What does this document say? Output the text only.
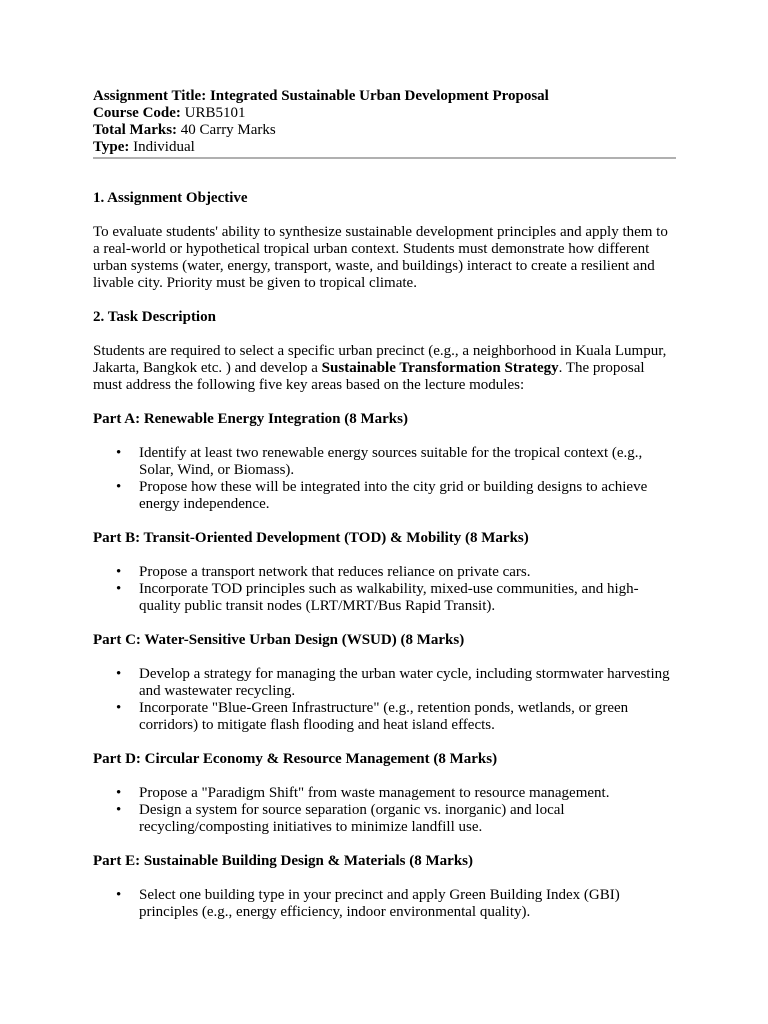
Assignment Title: Integrated Sustainable Urban Development Proposal

Course Code: URB5101

Total Marks: 40 Carry Marks

Type: Individual

1. Assignment Objective

To evaluate students' ability to synthesize sustainable development principles and apply them to a real-world or hypothetical tropical urban context. Students must demonstrate how different urban systems (water, energy, transport, waste, and buildings) interact to create a resilient and livable city. Priority must be given to tropical climate.

2. Task Description

Students are required to select a specific urban precinct (e.g., a neighborhood in Kuala Lumpur, Jakarta, Bangkok etc. ) and develop a Sustainable Transformation Strategy. The proposal must address the following five key areas based on the lecture modules:

Part A: Renewable Energy Integration (8 Marks)
• Identify at least two renewable energy sources suitable for the tropical context (e.g., Solar, Wind, or Biomass).
• Propose how these will be integrated into the city grid or building designs to achieve energy independence.
Part B: Transit-Oriented Development (TOD) & Mobility (8 Marks)
• Propose a transport network that reduces reliance on private cars.
• Incorporate TOD principles such as walkability, mixed-use communities, and high-quality public transit nodes (LRT/MRT/Bus Rapid Transit).
Part C: Water-Sensitive Urban Design (WSUD) (8 Marks)
• Develop a strategy for managing the urban water cycle, including stormwater harvesting and wastewater recycling.
• Incorporate "Blue-Green Infrastructure" (e.g., retention ponds, wetlands, or green corridors) to mitigate flash flooding and heat island effects.
Part D: Circular Economy & Resource Management (8 Marks)
• Propose a "Paradigm Shift" from waste management to resource management.
• Design a system for source separation (organic vs. inorganic) and local recycling/composting initiatives to minimize landfill use.
Part E: Sustainable Building Design & Materials (8 Marks)
• Select one building type in your precinct and apply Green Building Index (GBI) principles (e.g., energy efficiency, indoor environmental quality).
